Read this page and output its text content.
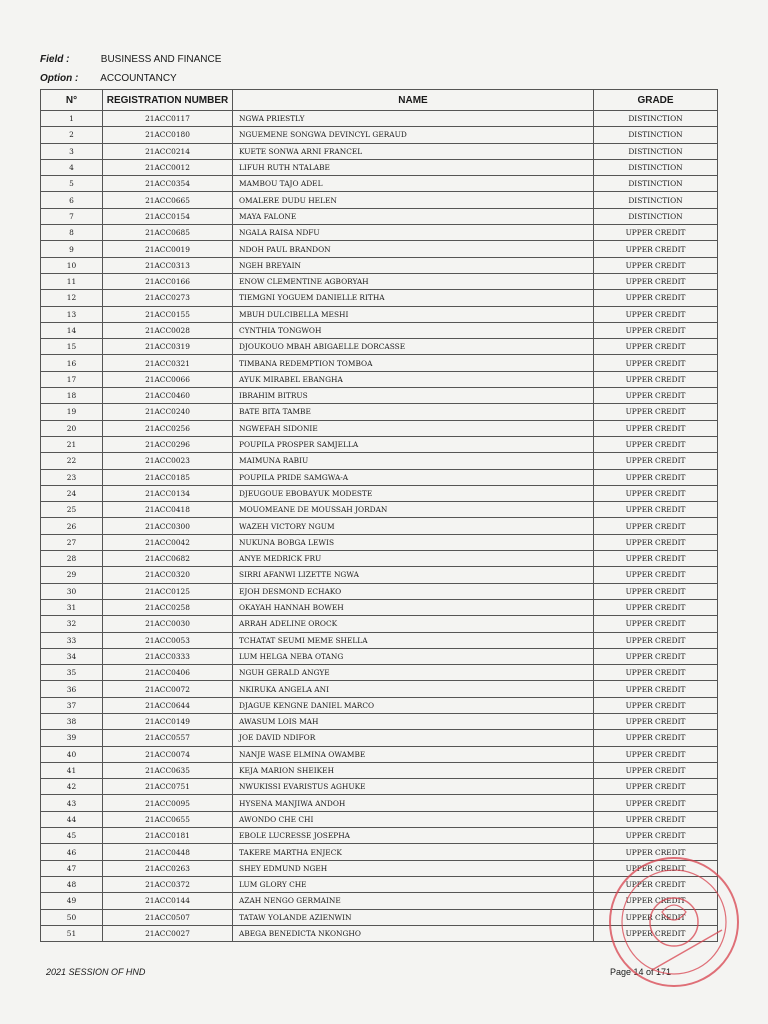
Field :	BUSINESS AND FINANCE
Option : ACCOUNTANCY
N°	REGISTRATION NUMBER	NAME	GRADE
1	21ACC0117	NGWA PRIESTLY	DISTINCTION
2	21ACC0180	NGUEMENE SONGWA DEVINCYL GERAUD	DISTINCTION
3	21ACC0214	KUETE SONWA ARNI FRANCEL	DISTINCTION
4	21ACC0012	LIFUH RUTH NTALABE	DISTINCTION
5	21ACC0354	MAMBOU TAJO ADEL	DISTINCTION
6	21ACC0665	OMALERE DUDU HELEN	DISTINCTION
7	21ACC0154	MAYA FALONE	DISTINCTION
8	21ACC0685	NGALA RAISA NDFU	UPPER CREDIT
9	21ACC0019	NDOH PAUL BRANDON	UPPER CREDIT
10	21ACC0313	NGEH BREYAIN	UPPER CREDIT
11	21ACC0166	ENOW CLEMENTINE AGBORYAH	UPPER CREDIT
12	21ACC0273	TIEMGNI YOGUEM DANIELLE RITHA	UPPER CREDIT
13	21ACC0155	MBUH DULCIBELLA MESHI	UPPER CREDIT
14	21ACC0028	CYNTHIA TONGWOH	UPPER CREDIT
15	21ACC0319	DJOUKOUO MBAH ABIGAELLE DORCASSE	UPPER CREDIT
16	21ACC0321	TIMBANA REDEMPTION TOMBOA	UPPER CREDIT
17	21ACC0066	AYUK MIRABEL EBANGHA	UPPER CREDIT
18	21ACC0460	IBRAHIM BITRUS	UPPER CREDIT
19	21ACC0240	BATE BITA TAMBE	UPPER CREDIT
20	21ACC0256	NGWEFAH SIDONIE	UPPER CREDIT
21	21ACC0296	POUPILA PROSPER SAMJELLA	UPPER CREDIT
22	21ACC0023	MAIMUNA RABIU	UPPER CREDIT
23	21ACC0185	POUPILA PRIDE SAMGWA-A	UPPER CREDIT
24	21ACC0134	DJEUGOUE EBOBAYUK MODESTE	UPPER CREDIT
25	21ACC0418	MOUOMEANE DE MOUSSAH JORDAN	UPPER CREDIT
26	21ACC0300	WAZEH VICTORY NGUM	UPPER CREDIT
27	21ACC0042	NUKUNA BOBGA LEWIS	UPPER CREDIT
28	21ACC0682	ANYE MEDRICK FRU	UPPER CREDIT
29	21ACC0320	SIRRI AFANWI LIZETTE NGWA	UPPER CREDIT
30	21ACC0125	EJOH DESMOND ECHAKO	UPPER CREDIT
31	21ACC0258	OKAYAH HANNAH BOWEH	UPPER CREDIT
32	21ACC0030	ARRAH ADELINE OROCK	UPPER CREDIT
33	21ACC0053	TCHATAT SEUMI MEME SHELLA	UPPER CREDIT
34	21ACC0333	LUM HELGA NEBA OTANG	UPPER CREDIT
35	21ACC0406	NGUH GERALD ANGYE	UPPER CREDIT
36	21ACC0072	NKIRUKA ANGELA ANI	UPPER CREDIT
37	21ACC0644	DJAGUE KENGNE DANIEL MARCO	UPPER CREDIT
38	21ACC0149	AWASUM LOIS MAH	UPPER CREDIT
39	21ACC0557	JOE DAVID NDIFOR	UPPER CREDIT
40	21ACC0074	NANJE WASE ELMINA OWAMBE	UPPER CREDIT
41	21ACC0635	KEJA MARION SHEIKEH	UPPER CREDIT
42	21ACC0751	NWUKISSI EVARISTUS AGHUKE	UPPER CREDIT
43	21ACC0095	HYSENA MANJIWA ANDOH	UPPER CREDIT
44	21ACC0655	AWONDO CHE CHI	UPPER CREDIT
45	21ACC0181	EBOLE LUCRESSE JOSEPHA	UPPER CREDIT
46	21ACC0448	TAKERE MARTHA ENJECK	UPPER CREDIT
47	21ACC0263	SHEY EDMUND NGEH	UPPER CREDIT
48	21ACC0372	LUM GLORY CHE	UPPER CREDIT
49	21ACC0144	AZAH NENGO GERMAINE	UPPER CREDIT
50	21ACC0507	TATAW YOLANDE AZIENWIN	UPPER CREDIT
51	21ACC0027	ABEGA BENEDICTA NKONGHO	UPPER CREDIT
2021 SESSION OF HND	Page 14 of 171
